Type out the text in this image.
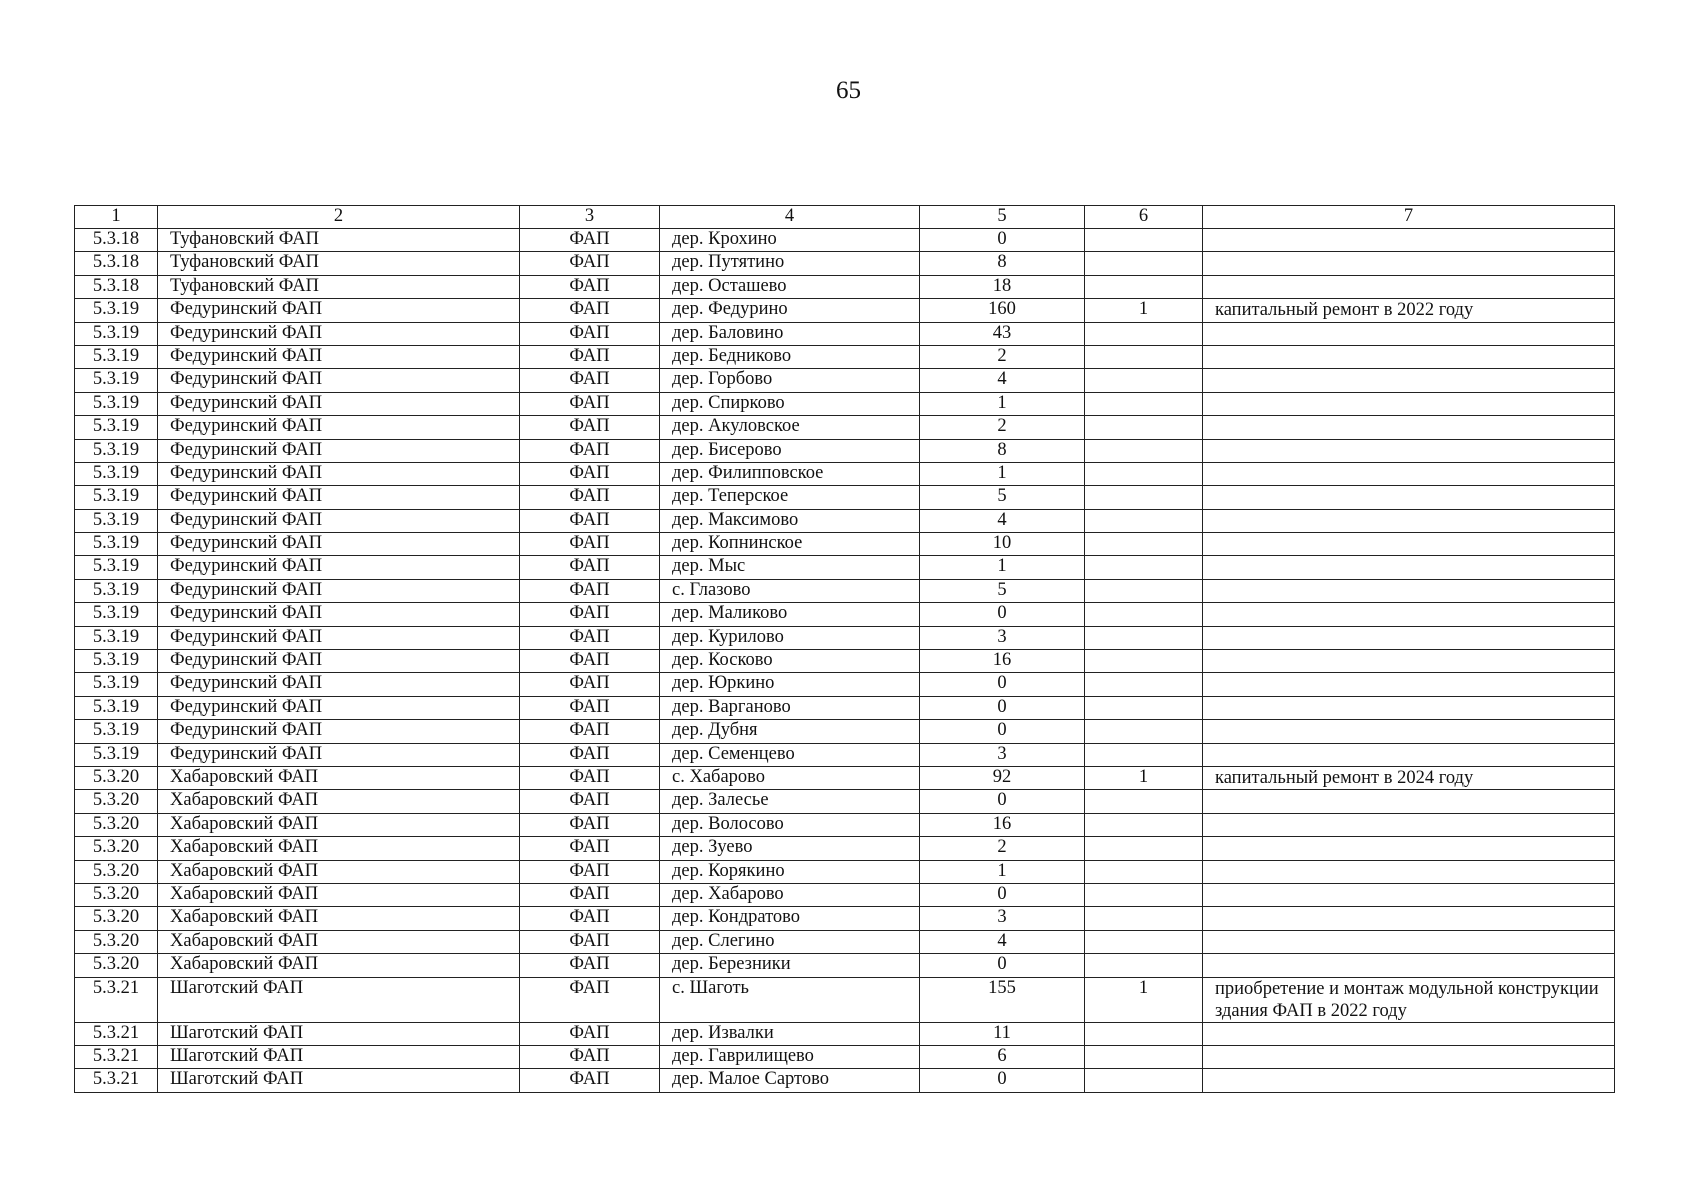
65
1	2	3	4	5	6	7
5.3.18	Туфановский ФАП	ФАП	дер. Крохино	0		
5.3.18	Туфановский ФАП	ФАП	дер. Путятино	8		
5.3.18	Туфановский ФАП	ФАП	дер. Осташево	18		
5.3.19	Федуринский ФАП	ФАП	дер. Федурино	160	1	капитальный ремонт в 2022 году
5.3.19	Федуринский ФАП	ФАП	дер. Баловино	43		
5.3.19	Федуринский ФАП	ФАП	дер. Бедниково	2		
5.3.19	Федуринский ФАП	ФАП	дер. Горбово	4		
5.3.19	Федуринский ФАП	ФАП	дер. Спирково	1		
5.3.19	Федуринский ФАП	ФАП	дер. Акуловское	2		
5.3.19	Федуринский ФАП	ФАП	дер. Бисерово	8		
5.3.19	Федуринский ФАП	ФАП	дер. Филипповское	1		
5.3.19	Федуринский ФАП	ФАП	дер. Теперское	5		
5.3.19	Федуринский ФАП	ФАП	дер. Максимово	4		
5.3.19	Федуринский ФАП	ФАП	дер. Копнинское	10		
5.3.19	Федуринский ФАП	ФАП	дер. Мыс	1		
5.3.19	Федуринский ФАП	ФАП	с. Глазово	5		
5.3.19	Федуринский ФАП	ФАП	дер. Маликово	0		
5.3.19	Федуринский ФАП	ФАП	дер. Курилово	3		
5.3.19	Федуринский ФАП	ФАП	дер. Косково	16		
5.3.19	Федуринский ФАП	ФАП	дер. Юркино	0		
5.3.19	Федуринский ФАП	ФАП	дер. Варганово	0		
5.3.19	Федуринский ФАП	ФАП	дер. Дубня	0		
5.3.19	Федуринский ФАП	ФАП	дер. Семенцево	3		
5.3.20	Хабаровский ФАП	ФАП	с. Хабарово	92	1	капитальный ремонт в 2024 году
5.3.20	Хабаровский ФАП	ФАП	дер. Залесье	0		
5.3.20	Хабаровский ФАП	ФАП	дер. Волосово	16		
5.3.20	Хабаровский ФАП	ФАП	дер. Зуево	2		
5.3.20	Хабаровский ФАП	ФАП	дер. Корякино	1		
5.3.20	Хабаровский ФАП	ФАП	дер. Хабарово	0		
5.3.20	Хабаровский ФАП	ФАП	дер. Кондратово	3		
5.3.20	Хабаровский ФАП	ФАП	дер. Слегино	4		
5.3.20	Хабаровский ФАП	ФАП	дер. Березники	0		
5.3.21	Шаготский ФАП	ФАП	с. Шаготь	155	1	приобретение и монтаж модульной конструкции здания ФАП в 2022 году
5.3.21	Шаготский ФАП	ФАП	дер. Извалки	11		
5.3.21	Шаготский ФАП	ФАП	дер. Гаврилищево	6		
5.3.21	Шаготский ФАП	ФАП	дер. Малое Сартово	0		
